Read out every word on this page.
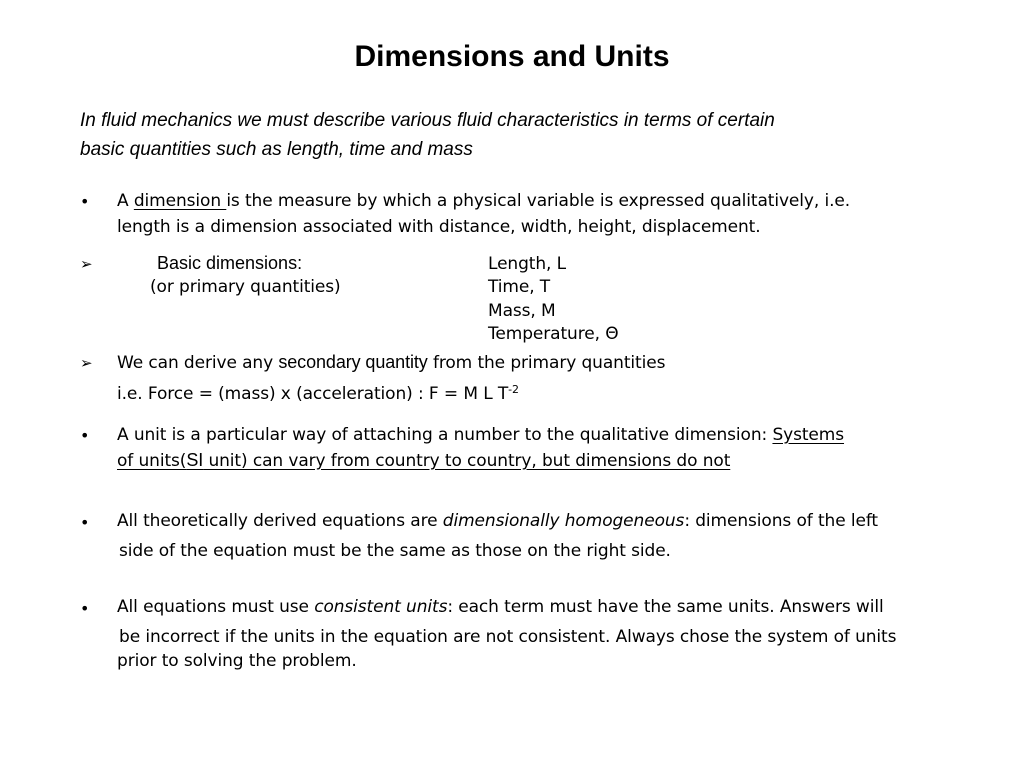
Dimensions and Units
In fluid mechanics we must describe various fluid characteristics in terms of certain
basic quantities such as length, time and mass
• A dimension is the measure by which a physical variable is expressed qualitatively, i.e.
length is a dimension associated with distance, width, height, displacement.
➢	Basic dimensions:
(or primary quantities)
Length, L
Time, T
Mass, M
Temperature, Θ
➢ We can derive any secondary quantity from the primary quantities
i.e. Force = (mass) x (acceleration) : F = M L $T^{-2}$
• A unit is a particular way of attaching a number to the qualitative dimension: Systems
of units(SI unit) can vary from country to country, but dimensions do not
• All theoretically derived equations are dimensionally homogeneous: dimensions of the left
side of the equation must be the same as those on the right side.
• All equations must use consistent units: each term must have the same units. Answers will
be incorrect if the units in the equation are not consistent. Always chose the system of units
prior to solving the problem.
